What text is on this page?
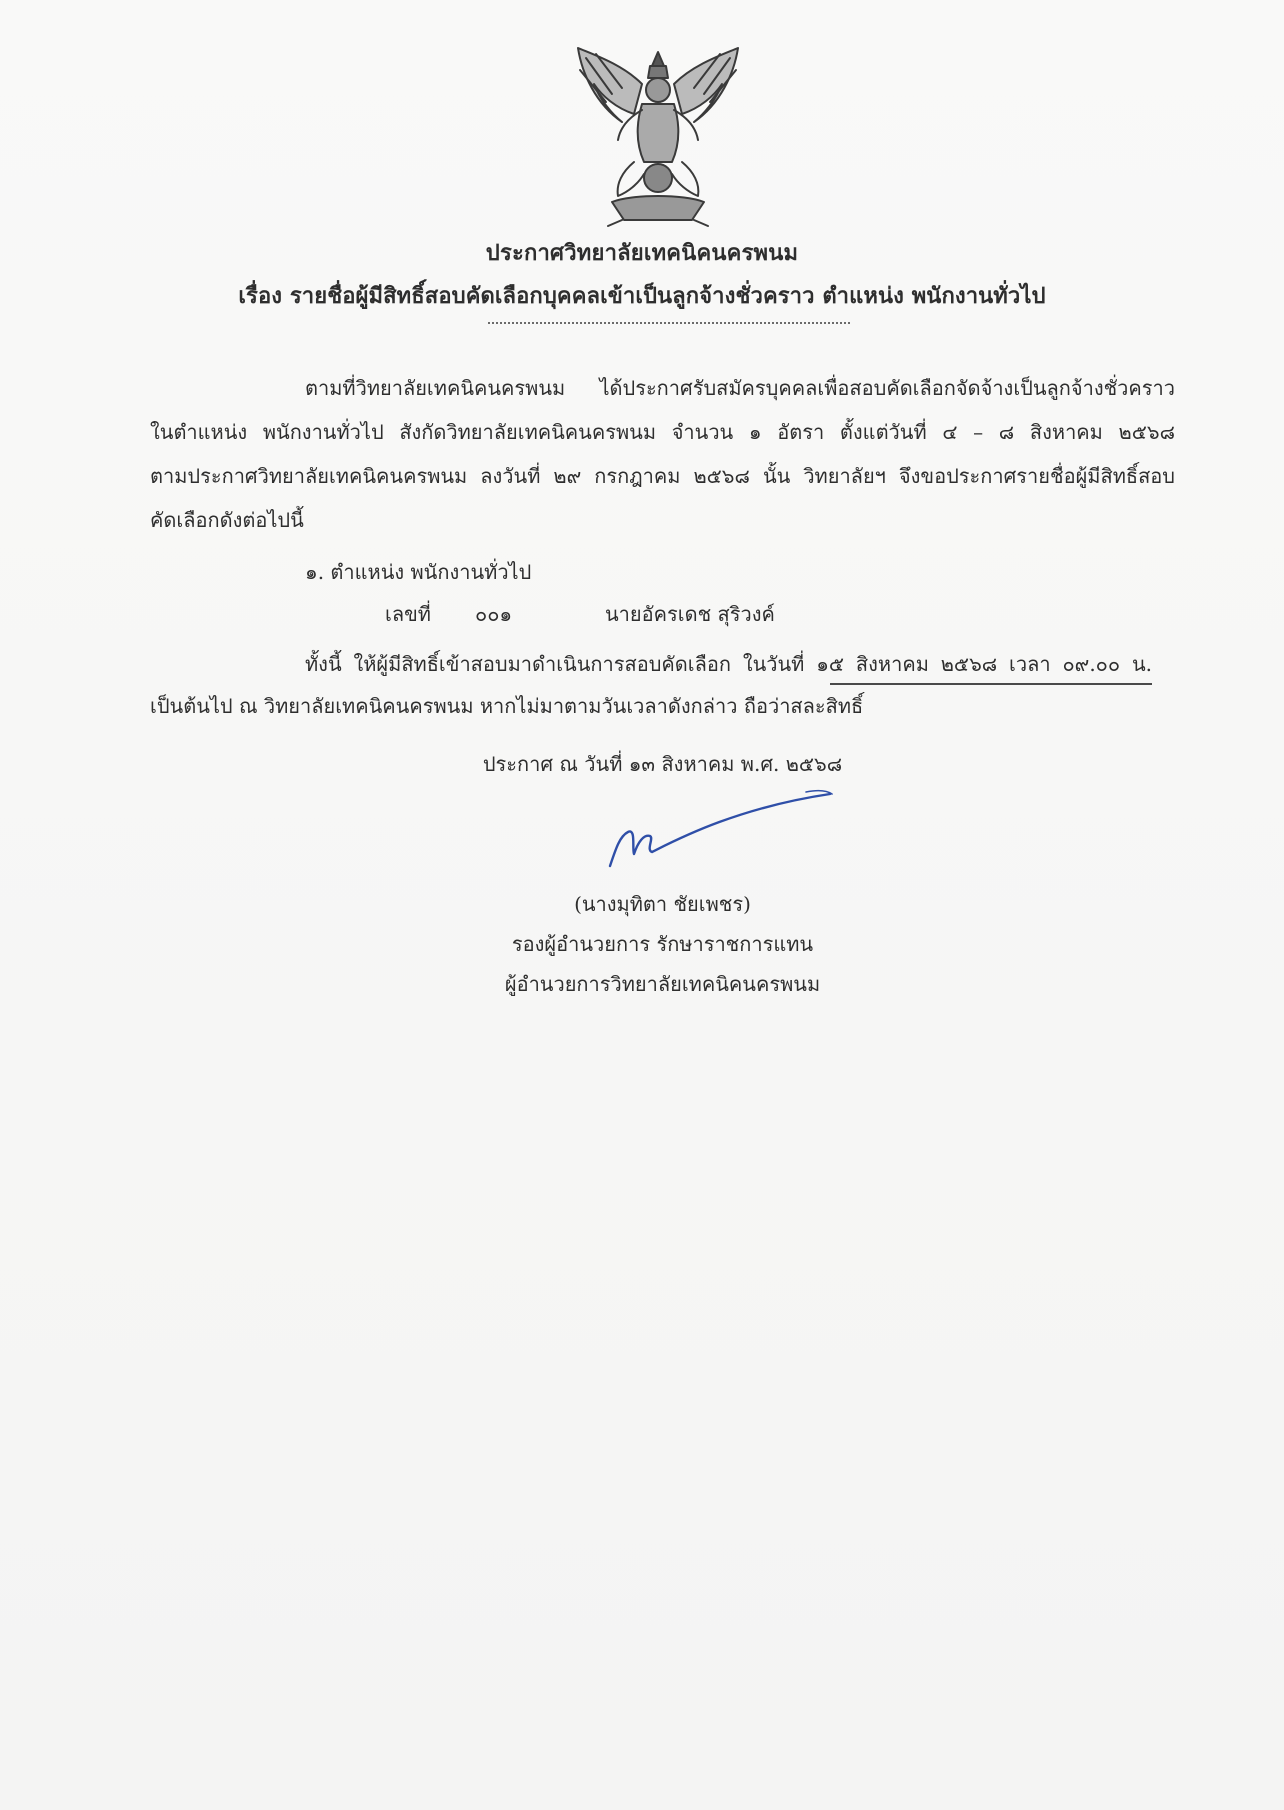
ประกาศวิทยาลัยเทคนิคนครพนม
เรื่อง รายชื่อผู้มีสิทธิ์สอบคัดเลือกบุคคลเข้าเป็นลูกจ้างชั่วคราว ตำแหน่ง พนักงานทั่วไป
ตามที่วิทยาลัยเทคนิคนครพนม ได้ประกาศรับสมัครบุคคลเพื่อสอบคัดเลือกจัดจ้างเป็นลูกจ้างชั่วคราว
ในตำแหน่ง พนักงานทั่วไป สังกัดวิทยาลัยเทคนิคนครพนม จำนวน ๑ อัตรา ตั้งแต่วันที่ ๔ – ๘ สิงหาคม ๒๕๖๘
ตามประกาศวิทยาลัยเทคนิคนครพนม ลงวันที่ ๒๙ กรกฎาคม ๒๕๖๘ นั้น วิทยาลัยฯ จึงขอประกาศรายชื่อผู้มีสิทธิ์สอบ
คัดเลือกดังต่อไปนี้
๑. ตำแหน่ง พนักงานทั่วไป
เลขที่ ๐๐๑	นายอัครเดช สุริวงค์
ทั้งนี้ ให้ผู้มีสิทธิ์เข้าสอบมาดำเนินการสอบคัดเลือก ในวันที่ ๑๕ สิงหาคม ๒๕๖๘ เวลา ๐๙.๐๐ น.
เป็นต้นไป ณ วิทยาลัยเทคนิคนครพนม หากไม่มาตามวันเวลาดังกล่าว ถือว่าสละสิทธิ์
ประกาศ ณ วันที่ ๑๓ สิงหาคม พ.ศ. ๒๕๖๘
(นางมุทิตา ชัยเพชร)
รองผู้อำนวยการ รักษาราชการแทน
ผู้อำนวยการวิทยาลัยเทคนิคนครพนม
